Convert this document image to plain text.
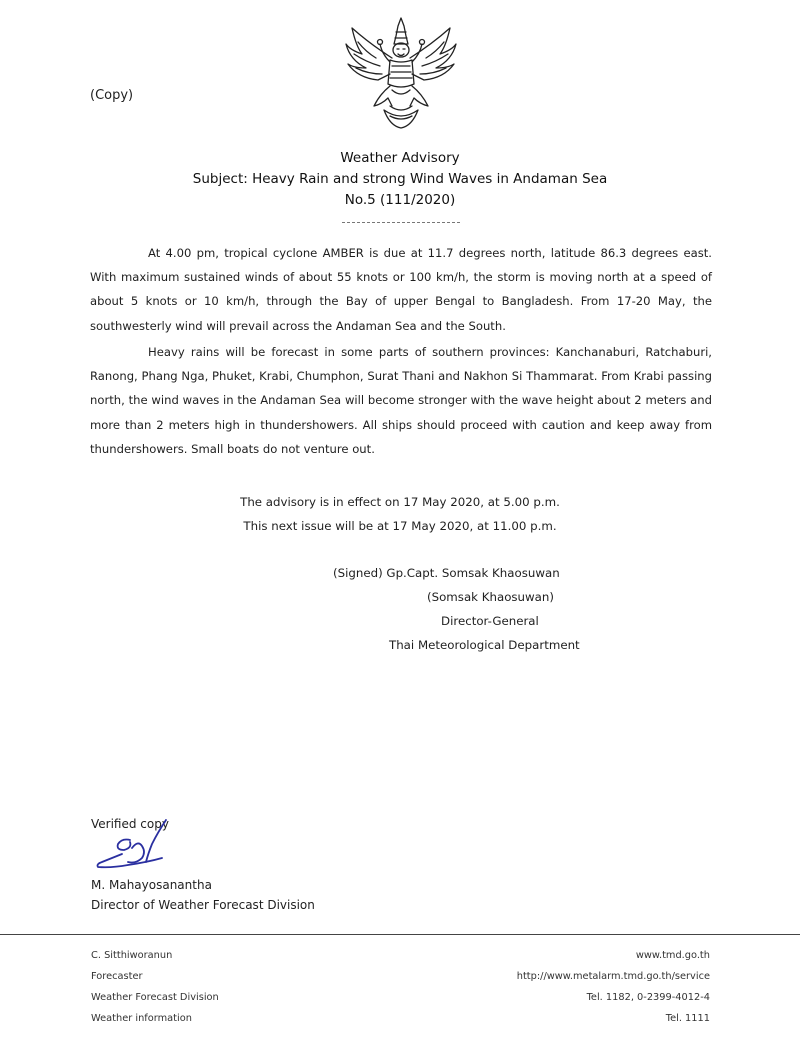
(Copy)
Weather Advisory
Subject: Heavy Rain and strong Wind Waves in Andaman Sea
No.5 (111/2020)

At 4.00 pm, tropical cyclone AMBER is due at 11.7 degrees north, latitude 86.3 degrees east. With maximum sustained winds of about 55 knots or 100 km/h, the storm is moving north at a speed of about 5 knots or 10 km/h, through the Bay of upper Bengal to Bangladesh. From 17-20 May, the southwesterly wind will prevail across the Andaman Sea and the South.

Heavy rains will be forecast in some parts of southern provinces: Kanchanaburi, Ratchaburi, Ranong, Phang Nga, Phuket, Krabi, Chumphon, Surat Thani and Nakhon Si Thammarat. From Krabi passing north, the wind waves in the Andaman Sea will become stronger with the wave height about 2 meters and more than 2 meters high in thundershowers. All ships should proceed with caution and keep away from thundershowers. Small boats do not venture out.

The advisory is in effect on 17 May 2020, at 5.00 p.m.
This next issue will be at 17 May 2020, at 11.00 p.m.
(Signed) Gp.Capt. Somsak Khaosuwan
(Somsak Khaosuwan)
Director-General
Thai Meteorological Department
Verified copy
M. Mahayosanantha
Director of Weather Forecast Division
C. Sitthiworanun
Forecaster
Weather Forecast Division
Weather information
www.tmd.go.th
http://www.metalarm.tmd.go.th/service
Tel. 1182, 0-2399-4012-4
Tel. 1111
